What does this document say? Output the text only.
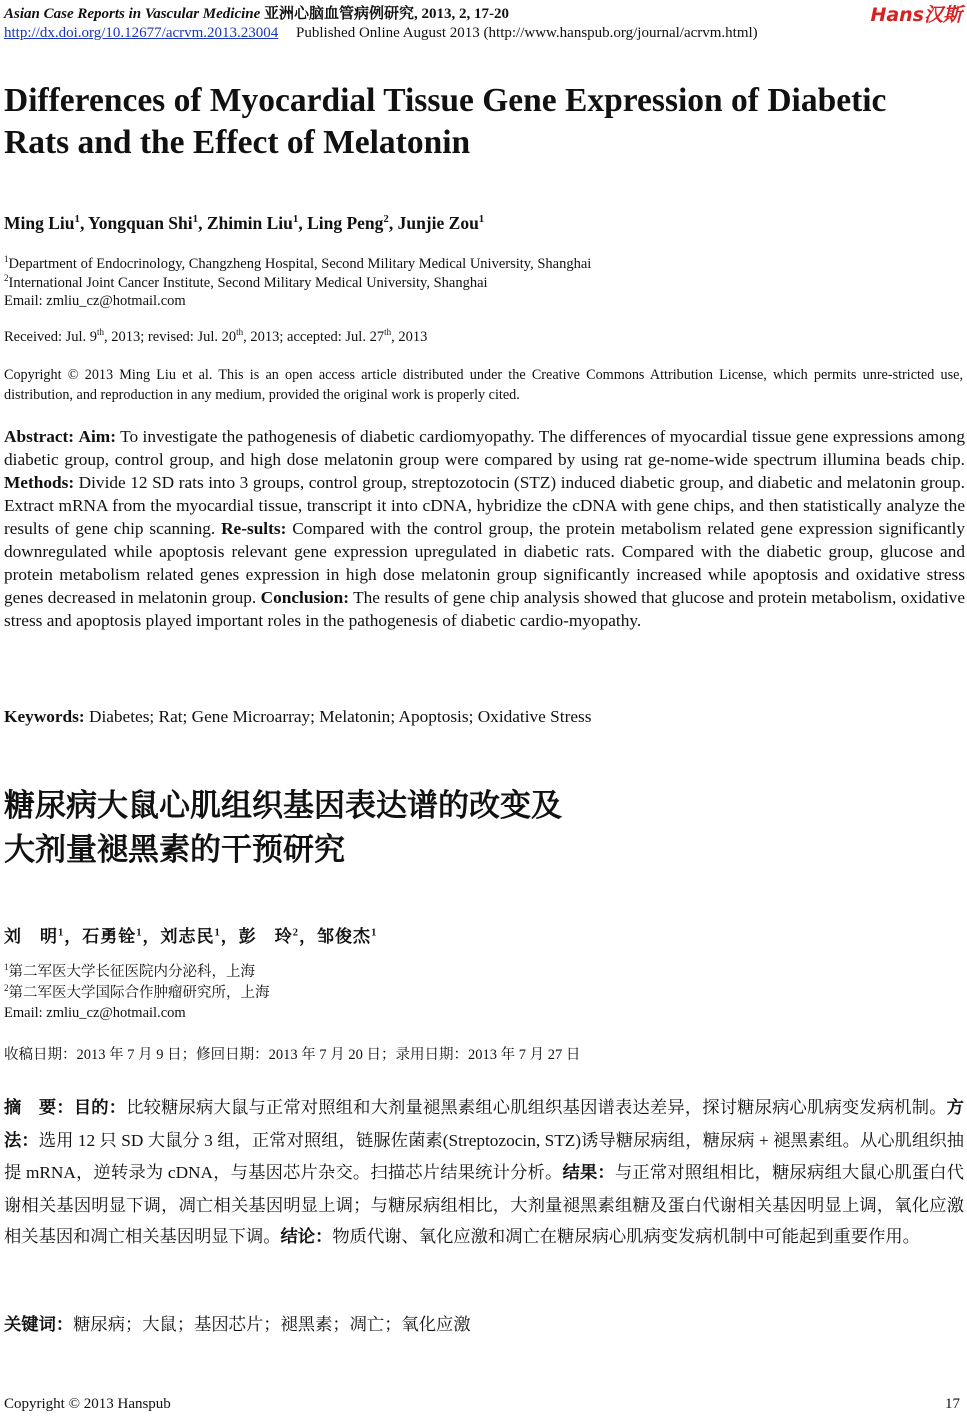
Asian Case Reports in Vascular Medicine 亚洲心脑血管病例研究, 2013, 2, 17-20	Hans汉斯
http://dx.doi.org/10.12677/acrvm.2013.23004 Published Online August 2013 (http://www.hanspub.org/journal/acrvm.html)
Differences of Myocardial Tissue Gene Expression of Diabetic Rats and the Effect of Melatonin
Ming Liu$^1$, Yongquan Shi$^1$, Zhimin Liu$^1$, Ling Peng$^2$, Junjie Zou$^1$
$^1$Department of Endocrinology, Changzheng Hospital, Second Military Medical University, Shanghai
$^2$International Joint Cancer Institute, Second Military Medical University, Shanghai
Email: zmliu_cz@hotmail.com
Received: Jul. 9th, 2013; revised: Jul. 20th, 2013; accepted: Jul. 27th, 2013
Copyright © 2013 Ming Liu et al. This is an open access article distributed under the Creative Commons Attribution License, which permits unre-stricted use, distribution, and reproduction in any medium, provided the original work is properly cited.
Abstract: Aim: To investigate the pathogenesis of diabetic cardiomyopathy. The differences of myocardial tissue gene expressions among diabetic group, control group, and high dose melatonin group were compared by using rat ge-nome-wide spectrum illumina beads chip. Methods: Divide 12 SD rats into 3 groups, control group, streptozotocin (STZ) induced diabetic group, and diabetic and melatonin group. Extract mRNA from the myocardial tissue, transcript it into cDNA, hybridize the cDNA with gene chips, and then statistically analyze the results of gene chip scanning. Re-sults: Compared with the control group, the protein metabolism related gene expression significantly downregulated while apoptosis relevant gene expression upregulated in diabetic rats. Compared with the diabetic group, glucose and protein metabolism related genes expression in high dose melatonin group significantly increased while apoptosis and oxidative stress genes decreased in melatonin group. Conclusion: The results of gene chip analysis showed that glucose and protein metabolism, oxidative stress and apoptosis played important roles in the pathogenesis of diabetic cardio-myopathy.
Keywords: Diabetes; Rat; Gene Microarray; Melatonin; Apoptosis; Oxidative Stress
糖尿病大鼠心肌组织基因表达谱的改变及
大剂量褪黑素的干预研究
刘　明$^1$，石勇铨$^1$，刘志民$^1$，彭　玲$^2$，邹俊杰$^1$
$^1$第二军医大学长征医院内分泌科，上海
$^2$第二军医大学国际合作肿瘤研究所，上海
Email: zmliu_cz@hotmail.com
收稿日期：2013 年 7 月 9 日；修回日期：2013 年 7 月 20 日；录用日期：2013 年 7 月 27 日
摘　要：目的：比较糖尿病大鼠与正常对照组和大剂量褪黑素组心肌组织基因谱表达差异，探讨糖尿病心肌病变发病机制。方法：选用 12 只 SD 大鼠分 3 组，正常对照组，链脲佐菌素(Streptozocin, STZ)诱导糖尿病组，糖尿病 + 褪黑素组。从心肌组织抽提 mRNA，逆转录为 cDNA，与基因芯片杂交。扫描芯片结果统计分析。结果：与正常对照组相比，糖尿病组大鼠心肌蛋白代谢相关基因明显下调，凋亡相关基因明显上调；与糖尿病组相比，大剂量褪黑素组糖及蛋白代谢相关基因明显上调，氧化应激相关基因和凋亡相关基因明显下调。结论：物质代谢、氧化应激和凋亡在糖尿病心肌病变发病机制中可能起到重要作用。
关键词：糖尿病；大鼠；基因芯片；褪黑素；凋亡；氧化应激
Copyright © 2013 Hanspub	17
